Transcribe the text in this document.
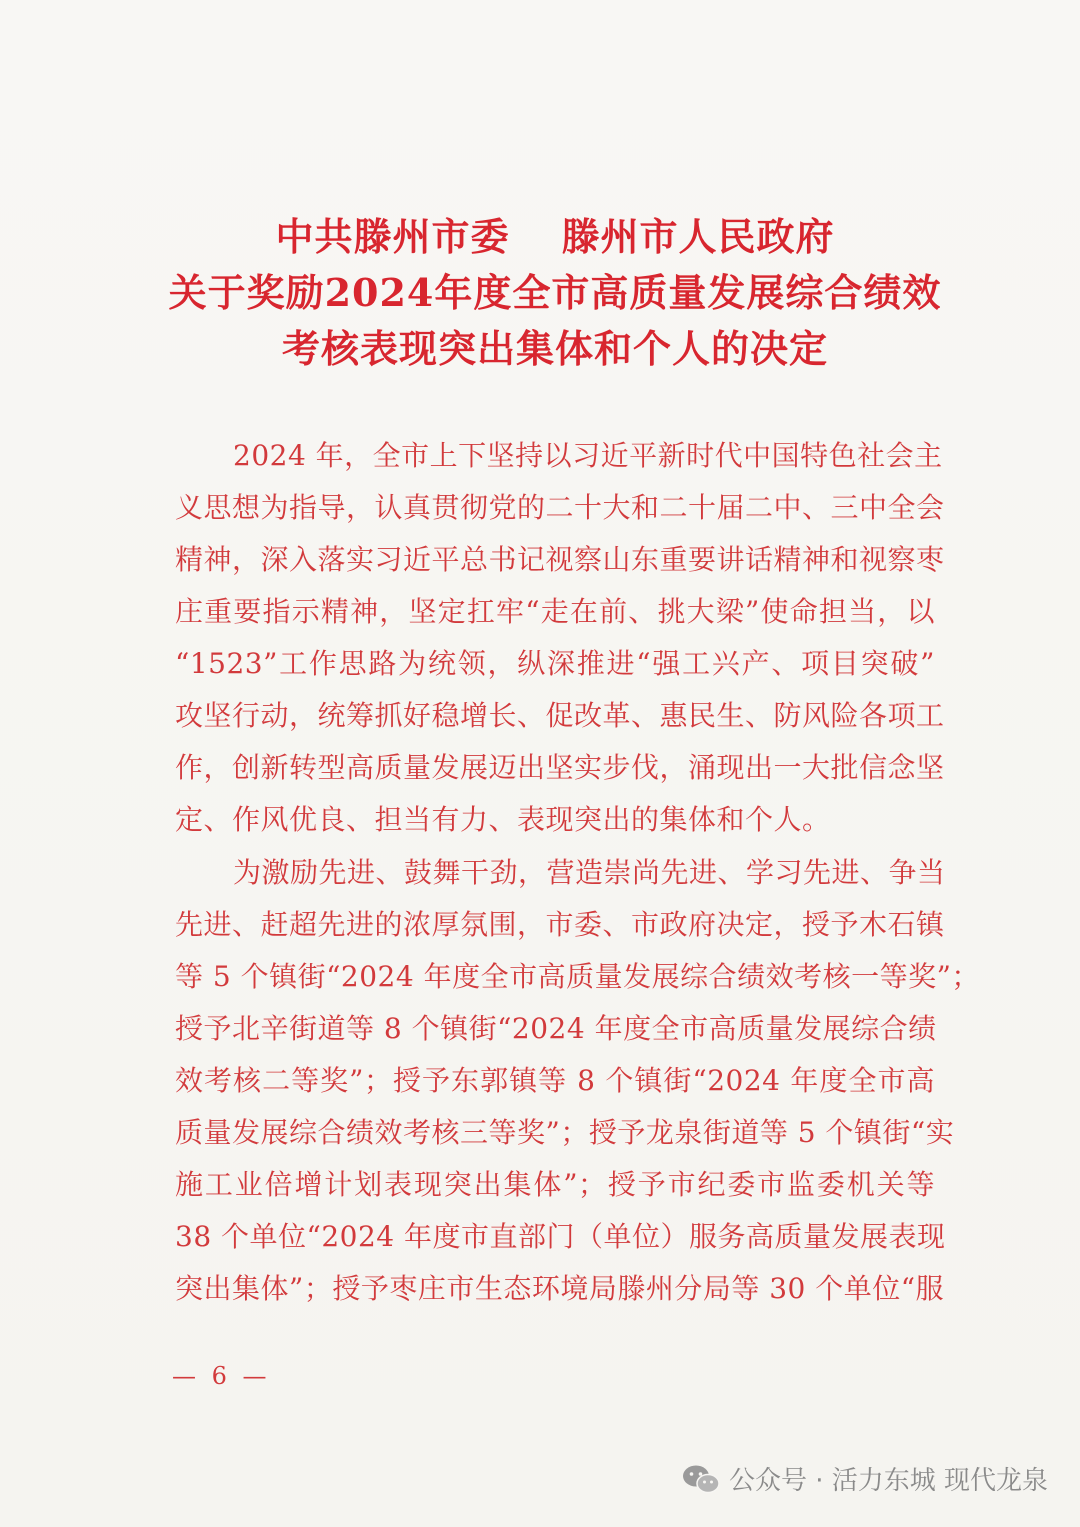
中共滕州市委 滕州市人民政府
关于奖励2024年度全市高质量发展综合绩效
考核表现突出集体和个人的决定
2024 年，全市上下坚持以习近平新时代中国特色社会主
义思想为指导，认真贯彻党的二十大和二十届二中、三中全会
精神，深入落实习近平总书记视察山东重要讲话精神和视察枣
庄重要指示精神，坚定扛牢“走在前、挑大梁”使命担当，以
“1523”工作思路为统领，纵深推进“强工兴产、项目突破”
攻坚行动，统筹抓好稳增长、促改革、惠民生、防风险各项工
作，创新转型高质量发展迈出坚实步伐，涌现出一大批信念坚
定、作风优良、担当有力、表现突出的集体和个人。
为激励先进、鼓舞干劲，营造崇尚先进、学习先进、争当
先进、赶超先进的浓厚氛围，市委、市政府决定，授予木石镇
等 5 个镇街“2024 年度全市高质量发展综合绩效考核一等奖”；
授予北辛街道等 8 个镇街“2024 年度全市高质量发展综合绩
效考核二等奖”；授予东郭镇等 8 个镇街“2024 年度全市高
质量发展综合绩效考核三等奖”；授予龙泉街道等 5 个镇街“实
施工业倍增计划表现突出集体”；授予市纪委市监委机关等
38 个单位“2024 年度市直部门（单位）服务高质量发展表现
突出集体”；授予枣庄市生态环境局滕州分局等 30 个单位“服
— 6 —
公众号 · 活力东城 现代龙泉
